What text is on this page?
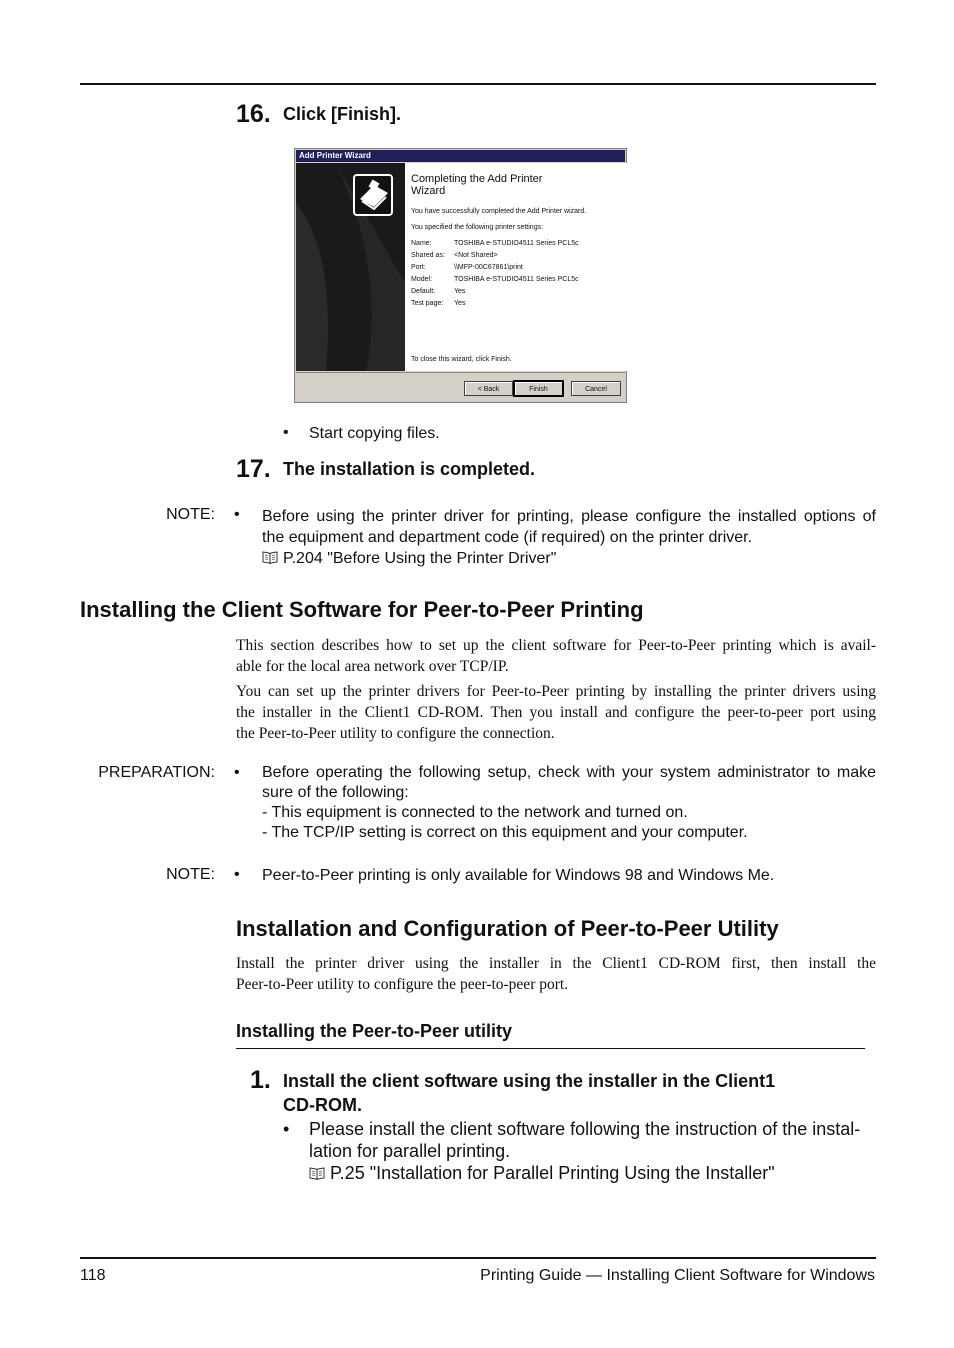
16. Click [Finish].
Add Printer Wizard
Completing the Add Printer
Wizard
You have successfully completed the Add Printer wizard.
You specified the following printer settings:
Name:	TOSHIBA e-STUDIO4511 Series PCL5c
Shared as: <Not Shared>
Port:	\\MFP-00C67861\print
Model:	TOSHIBA e-STUDIO4511 Series PCL5c
Default:	Yes
Test page: Yes
To close this wizard, click Finish.
< Back	Finish	Cancel
• Start copying files.
17. The installation is completed.
NOTE: • Before using the printer driver for printing, please configure the installed options of
the equipment and department code (if required) on the printer driver.
P.204 "Before Using the Printer Driver"
Installing the Client Software for Peer-to-Peer Printing
This section describes how to set up the client software for Peer-to-Peer printing which is avail-
able for the local area network over TCP/IP.
You can set up the printer drivers for Peer-to-Peer printing by installing the printer drivers using
the installer in the Client1 CD-ROM. Then you install and configure the peer-to-peer port using
the Peer-to-Peer utility to configure the connection.
PREPARATION: • Before operating the following setup, check with your system administrator to make
sure of the following:
- This equipment is connected to the network and turned on.
- The TCP/IP setting is correct on this equipment and your computer.
NOTE: • Peer-to-Peer printing is only available for Windows 98 and Windows Me.
Installation and Configuration of Peer-to-Peer Utility
Install the printer driver using the installer in the Client1 CD-ROM first, then install the
Peer-to-Peer utility to configure the peer-to-peer port.
Installing the Peer-to-Peer utility
1. Install the client software using the installer in the Client1
CD-ROM.
• Please install the client software following the instruction of the instal-
lation for parallel printing.
P.25 "Installation for Parallel Printing Using the Installer"
118	Printing Guide — Installing Client Software for Windows
